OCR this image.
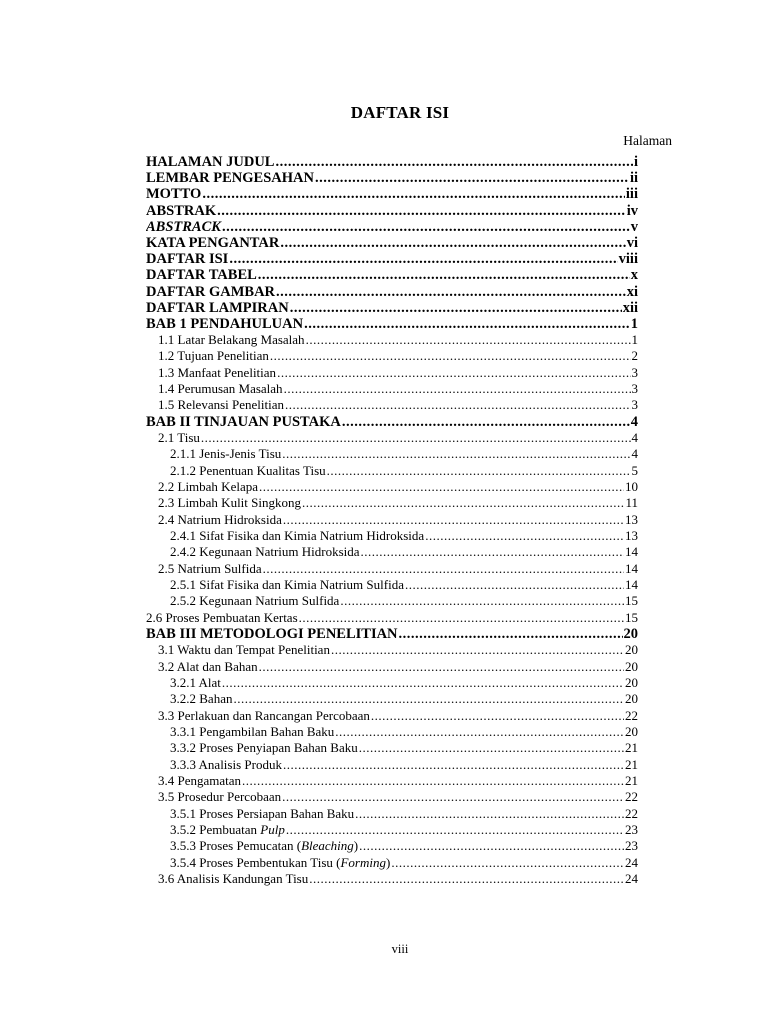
DAFTAR ISI
Halaman
HALAMAN JUDUL .....	i
LEMBAR PENGESAHAN .....	ii
MOTTO .....	iii
ABSTRAK .....	iv
ABSTRACK .....	v
KATA PENGANTAR .....	vi
DAFTAR ISI .....	viii
DAFTAR TABEL .....	x
DAFTAR GAMBAR .....	xi
DAFTAR LAMPIRAN .....	xii
BAB 1 PENDAHULUAN .....	1
1.1 Latar Belakang Masalah .....	1
1.2 Tujuan Penelitian .....	2
1.3 Manfaat Penelitian .....	3
1.4 Perumusan Masalah .....	3
1.5 Relevansi Penelitian .....	3
BAB II TINJAUAN PUSTAKA .....	4
2.1 Tisu .....	4
2.1.1 Jenis-Jenis Tisu .....	4
2.1.2 Penentuan Kualitas Tisu .....	5
2.2 Limbah Kelapa .....	10
2.3 Limbah Kulit Singkong .....	11
2.4 Natrium Hidroksida .....	13
2.4.1 Sifat Fisika dan Kimia Natrium Hidroksida .....	13
2.4.2 Kegunaan Natrium Hidroksida .....	14
2.5 Natrium Sulfida .....	14
2.5.1 Sifat Fisika dan Kimia Natrium Sulfida .....	14
2.5.2 Kegunaan Natrium Sulfida .....	15
2.6 Proses Pembuatan Kertas .....	15
BAB III METODOLOGI PENELITIAN .....	20
3.1 Waktu dan Tempat Penelitian .....	20
3.2 Alat dan Bahan .....	20
3.2.1 Alat .....	20
3.2.2 Bahan .....	20
3.3 Perlakuan dan Rancangan Percobaan .....	22
3.3.1 Pengambilan Bahan Baku .....	20
3.3.2 Proses Penyiapan Bahan Baku .....	21
3.3.3 Analisis Produk .....	21
3.4 Pengamatan .....	21
3.5 Prosedur Percobaan .....	22
3.5.1 Proses Persiapan Bahan Baku .....	22
3.5.2 Pembuatan Pulp .....	23
3.5.3 Proses Pemucatan (Bleaching) .....	23
3.5.4 Proses Pembentukan Tisu (Forming) .....	24
3.6 Analisis Kandungan Tisu .....	24
viii
